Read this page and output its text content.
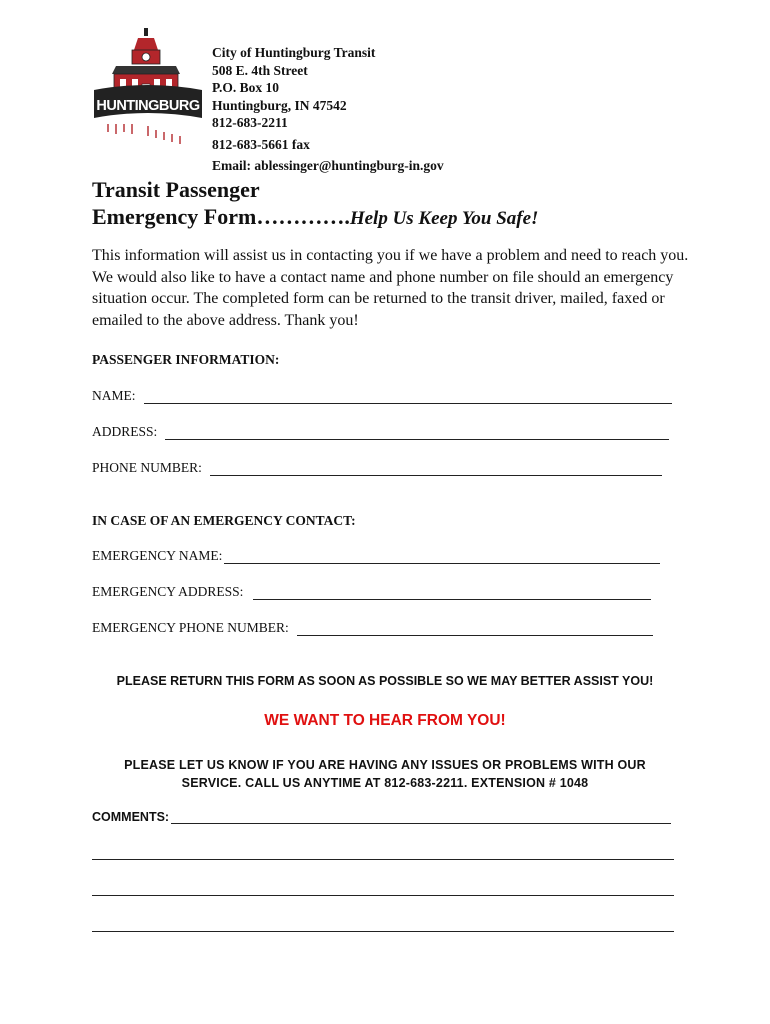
HUNTINGBURG
City of Huntingburg Transit
508 E. 4th Street
P.O. Box 10
Huntingburg, IN 47542
812-683-2211
812-683-5661 fax
Email: ablessinger@huntingburg-in.gov
Transit Passenger
Emergency Form………….Help Us Keep You Safe!
This information will assist us in contacting you if we have a problem and need to reach you. We would also like to have a contact name and phone number on file should an emergency situation occur. The completed form can be returned to the transit driver, mailed, faxed or emailed to the above address. Thank you!
PASSENGER INFORMATION:
NAME:
ADDRESS:
PHONE NUMBER:
IN CASE OF AN EMERGENCY CONTACT:
EMERGENCY NAME:
EMERGENCY ADDRESS:
EMERGENCY PHONE NUMBER:
PLEASE RETURN THIS FORM AS SOON AS POSSIBLE SO WE MAY BETTER ASSIST YOU!
WE WANT TO HEAR FROM YOU!
PLEASE LET US KNOW IF YOU ARE HAVING ANY ISSUES OR PROBLEMS WITH OUR
SERVICE. CALL US ANYTIME AT 812-683-2211. EXTENSION # 1048
COMMENTS:
